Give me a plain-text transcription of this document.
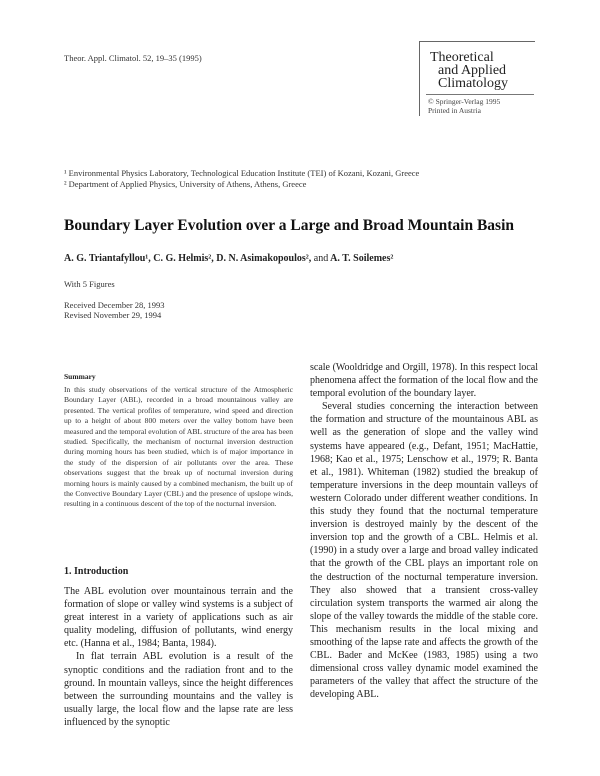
Theor. Appl. Climatol. 52, 19–35 (1995)	Theoretical
and Applied
Climatology
© Springer-Verlag 1995
Printed in Austria
¹ Environmental Physics Laboratory, Technological Education Institute (TEI) of Kozani, Kozani, Greece
² Department of Applied Physics, University of Athens, Athens, Greece
Boundary Layer Evolution over a Large and Broad Mountain Basin
A. G. Triantafyllou¹, C. G. Helmis², D. N. Asimakopoulos², and A. T. Soilemes²
With 5 Figures
Received December 28, 1993
Revised November 29, 1994
Summary
In this study observations of the vertical structure of the Atmospheric Boundary Layer (ABL), recorded in a broad mountainous valley are presented. The vertical profiles of temperature, wind speed and direction up to a height of about 800 meters over the valley bottom have been measured and the temporal evolution of ABL structure of the area has been studied. Specifically, the mechanism of nocturnal inversion destruction during morning hours has been studied, which is of major importance in the study of the dispersion of air pollutants over the area. These observations suggest that the break up of nocturnal inversion during morning hours is mainly caused by a combined mechanism, the built up of the Convective Boundary Layer (CBL) and the presence of upslope winds, resulting in a continuous descent of the top of the nocturnal inversion.
1. Introduction

The ABL evolution over mountainous terrain and the formation of slope or valley wind systems is a subject of great interest in a variety of applications such as air quality modeling, diffusion of pollutants, wind energy etc. (Hanna et al., 1984; Banta, 1984).

In flat terrain ABL evolution is a result of the synoptic conditions and the radiation front and to the ground. In mountain valleys, since the height differences between the surrounding mountains and the valley is usually large, the local flow and the lapse rate are less influenced by the synoptic

scale (Wooldridge and Orgill, 1978). In this respect local phenomena affect the formation of the local flow and the temporal evolution of the boundary layer.

Several studies concerning the interaction between the formation and structure of the mountainous ABL as well as the generation of slope and the valley wind systems have appeared (e.g., Defant, 1951; MacHattie, 1968; Kao et al., 1975; Lenschow et al., 1979; R. Banta et al., 1981). Whiteman (1982) studied the breakup of temperature inversions in the deep mountain valleys of western Colorado under different weather conditions. In this study they found that the nocturnal temperature inversion is destroyed mainly by the descent of the inversion top and the growth of a CBL. Helmis et al. (1990) in a study over a large and broad valley indicated that the growth of the CBL plays an important role on the destruction of the nocturnal temperature inversion. They also showed that a transient cross-valley circulation system transports the warmed air along the slope of the valley towards the middle of the stable core. This mechanism results in the local mixing and smoothing of the lapse rate and affects the growth of the CBL. Bader and McKee (1983, 1985) using a two dimensional cross valley dynamic model examined the parameters of the valley that affect the structure of the developing ABL.
